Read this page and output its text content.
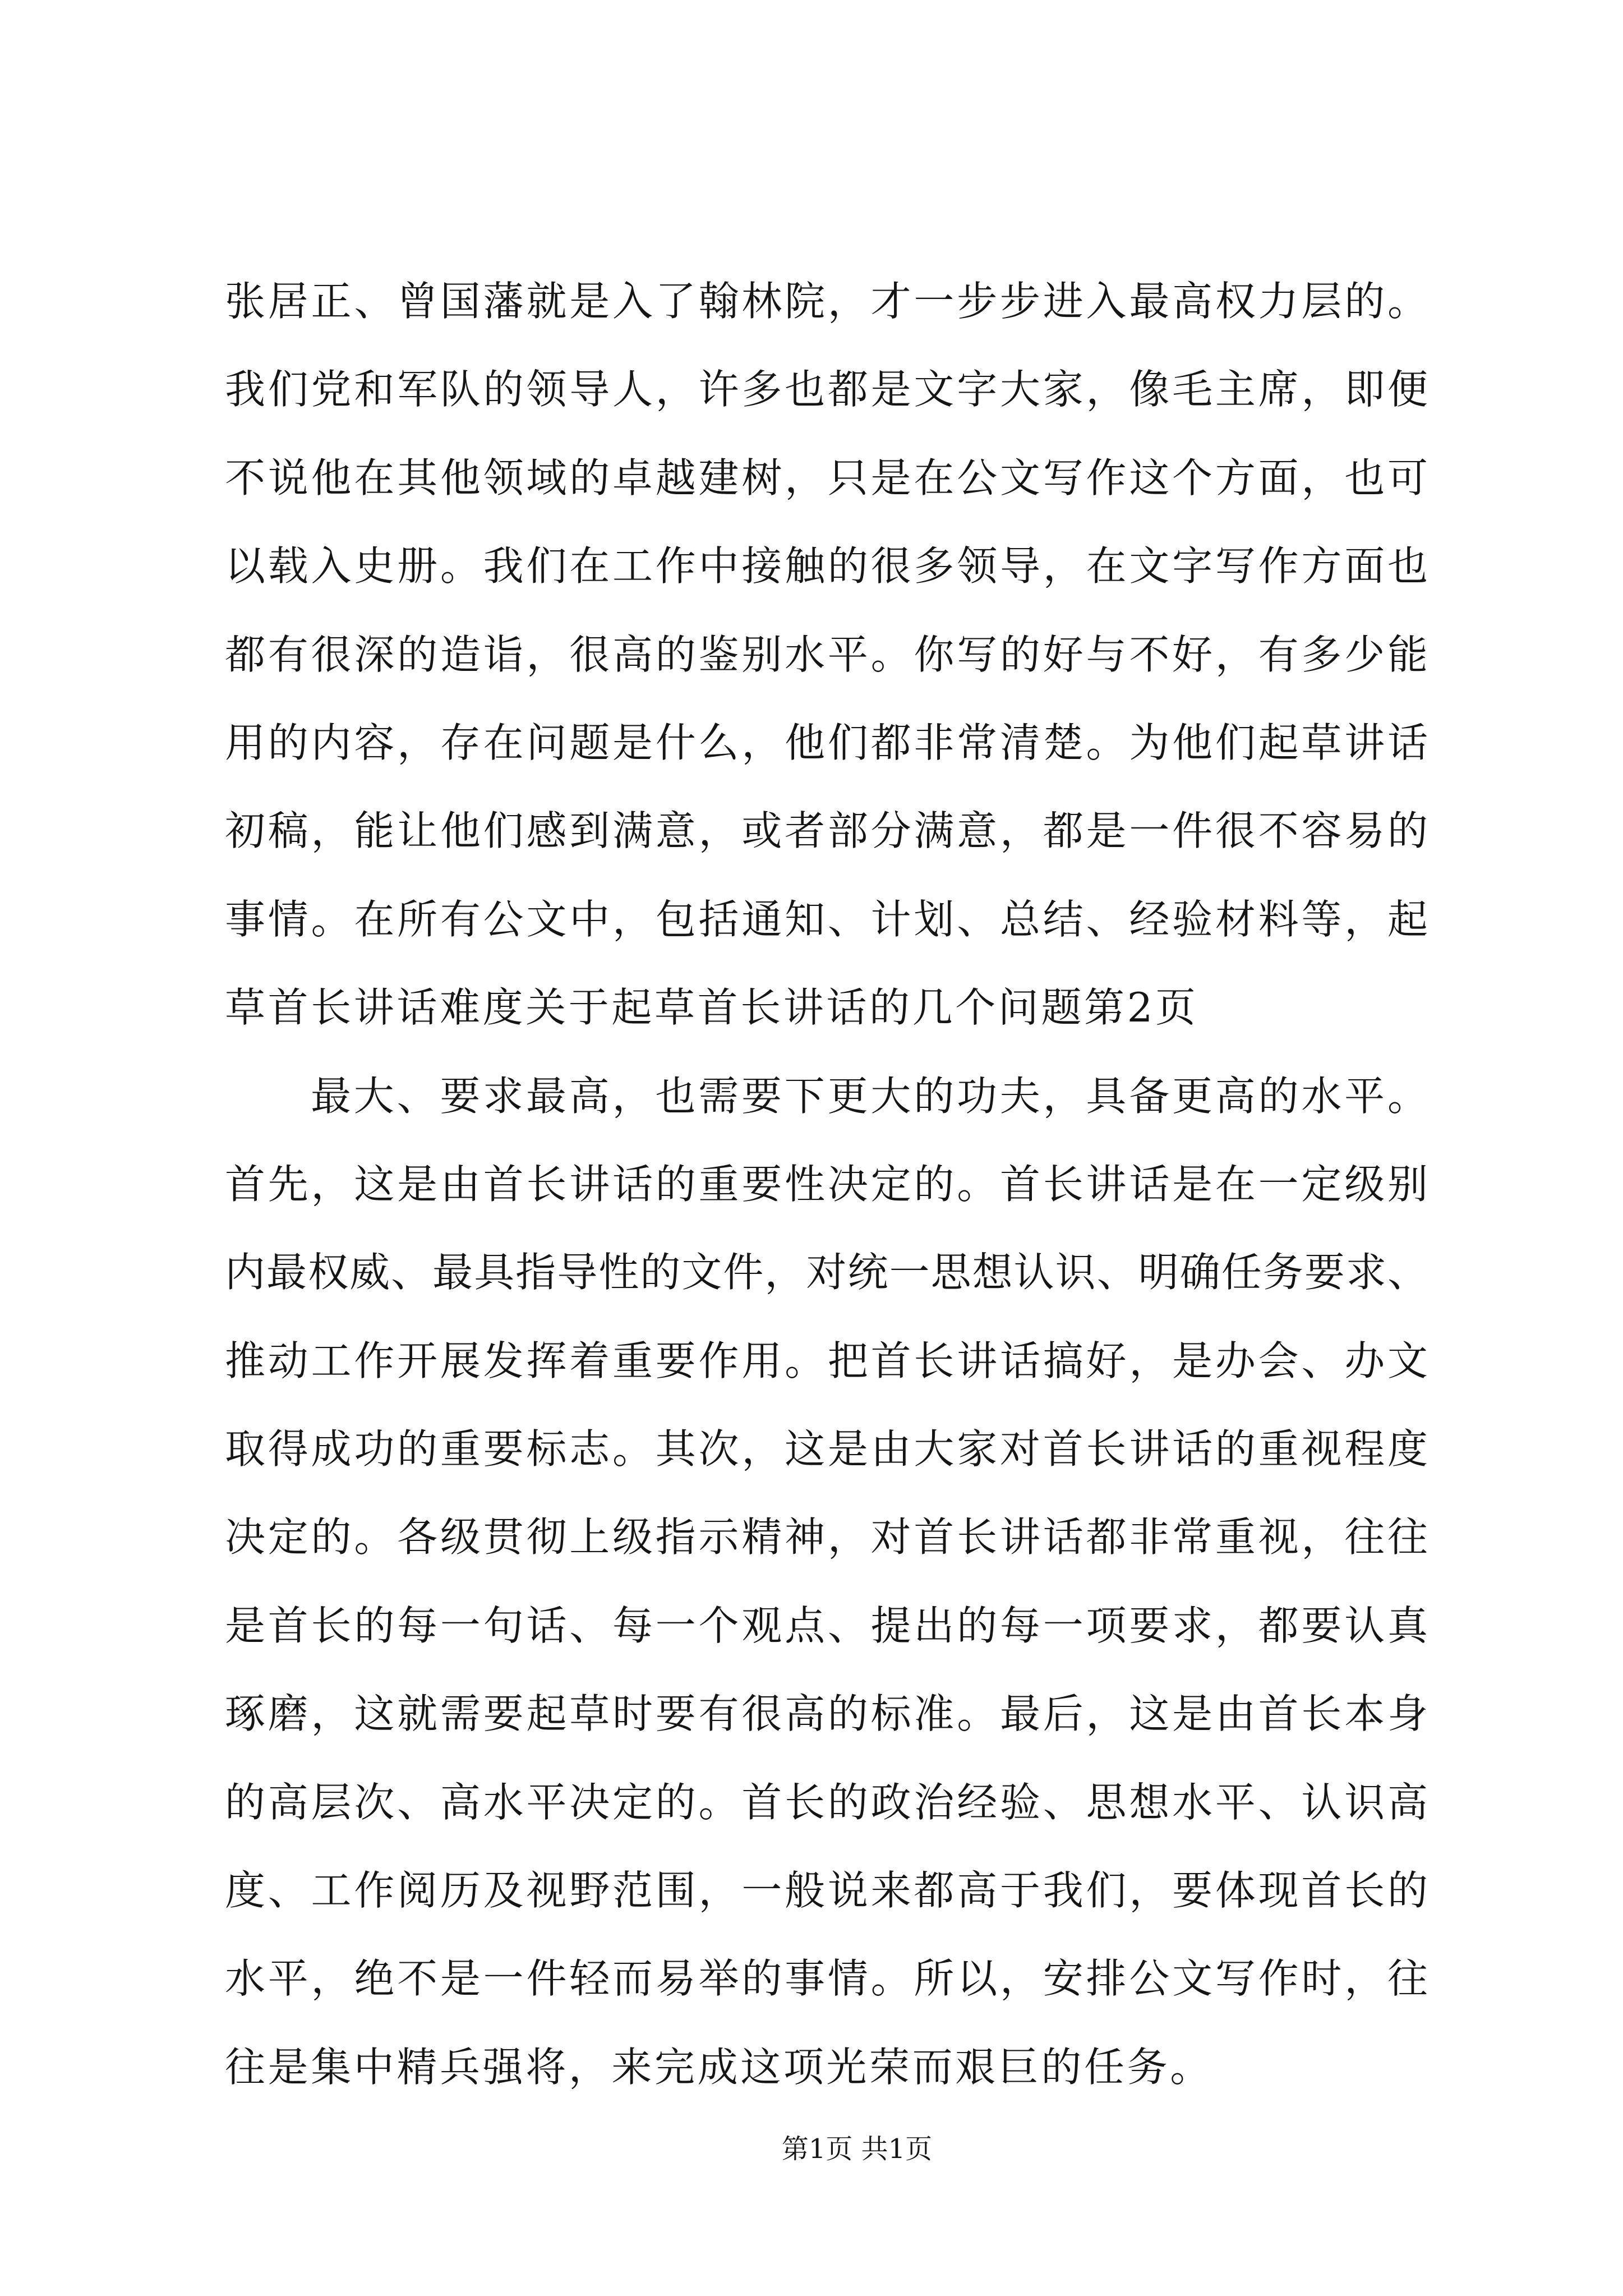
张居正、曾国藩就是入了翰林院，才一步步进入最高权力层的。
我们党和军队的领导人，许多也都是文字大家，像毛主席，即便
不说他在其他领域的卓越建树，只是在公文写作这个方面，也可
以载入史册。我们在工作中接触的很多领导，在文字写作方面也
都有很深的造诣，很高的鉴别水平。你写的好与不好，有多少能
用的内容，存在问题是什么，他们都非常清楚。为他们起草讲话
初稿，能让他们感到满意，或者部分满意，都是一件很不容易的
事情。在所有公文中，包括通知、计划、总结、经验材料等，起
草首长讲话难度关于起草首长讲话的几个问题第2页
最大、要求最高，也需要下更大的功夫，具备更高的水平。
首先，这是由首长讲话的重要性决定的。首长讲话是在一定级别
内最权威、最具指导性的文件，对统一思想认识、明确任务要求、
推动工作开展发挥着重要作用。把首长讲话搞好，是办会、办文
取得成功的重要标志。其次，这是由大家对首长讲话的重视程度
决定的。各级贯彻上级指示精神，对首长讲话都非常重视，往往
是首长的每一句话、每一个观点、提出的每一项要求，都要认真
琢磨，这就需要起草时要有很高的标准。最后，这是由首长本身
的高层次、高水平决定的。首长的政治经验、思想水平、认识高
度、工作阅历及视野范围，一般说来都高于我们，要体现首长的
水平，绝不是一件轻而易举的事情。所以，安排公文写作时，往
往是集中精兵强将，来完成这项光荣而艰巨的任务。
第1页 共1页
